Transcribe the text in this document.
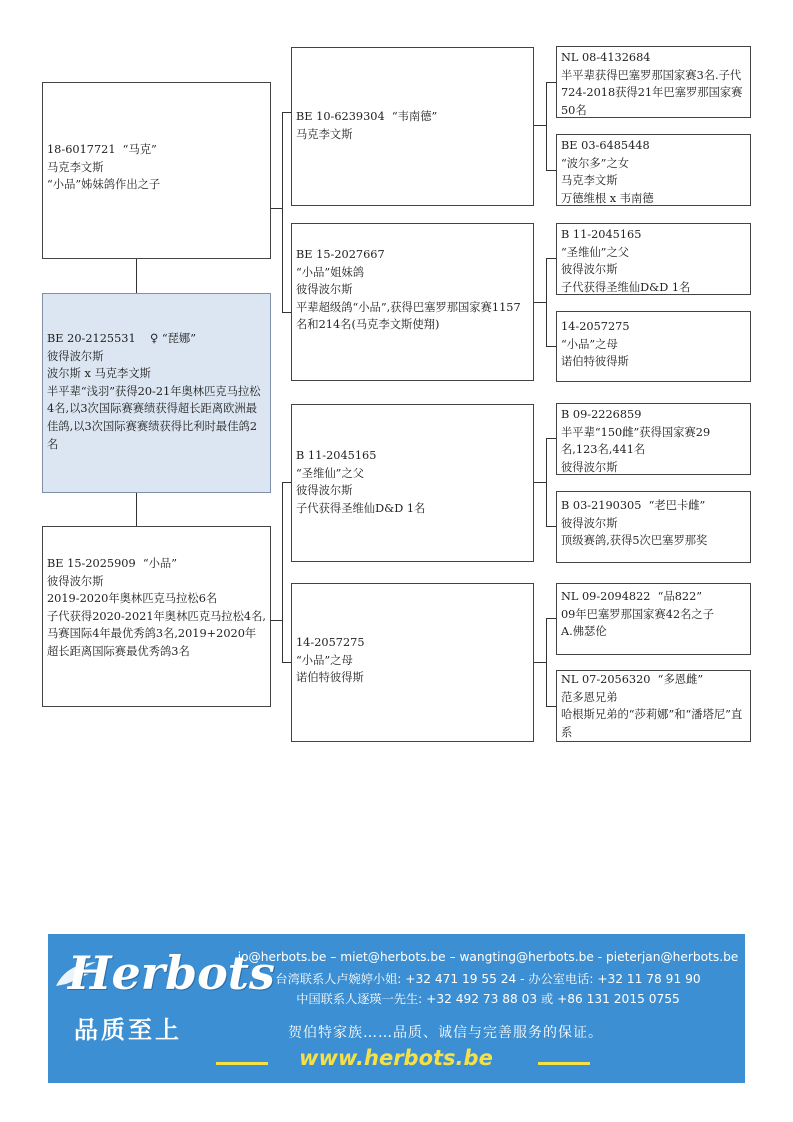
18-6017721  “马克”
马克李文斯
“小品”姊妹鸽作出之子
BE 20-2125531    ♀ “琵娜”
彼得波尔斯
波尔斯 x 马克李文斯
半平辈“浅羽”获得20-21年奥林匹克马拉松4名,以3次国际赛赛绩获得超长距离欧洲最佳鸽,以3次国际赛赛绩获得比利时最佳鸽2名
BE 15-2025909  “小品”
彼得波尔斯
2019-2020年奥林匹克马拉松6名
子代获得2020-2021年奥林匹克马拉松4名,马赛国际4年最优秀鸽3名,2019+2020年超长距离国际赛最优秀鸽3名
BE 10-6239304  “韦南德”
马克李文斯
BE 15-2027667
“小品”姐妹鸽
彼得波尔斯
平辈超级鸽“小品”,获得巴塞罗那国家赛1157名和214名(马克李文斯使翔)
B 11-2045165
“圣维仙”之父
彼得波尔斯
子代获得圣维仙D&D 1名
14-2057275
“小品”之母
诺伯特彼得斯
NL 08-4132684
半平辈获得巴塞罗那国家赛3名.子代724-2018获得21年巴塞罗那国家赛50名
BE 03-6485448
“波尔多”之女
马克李文斯
万德维根 x 韦南德
B 11-2045165
“圣维仙”之父
彼得波尔斯
子代获得圣维仙D&D 1名
14-2057275
“小品”之母
诺伯特彼得斯
B 09-2226859
半平辈“150雌”获得国家赛29名,123名,441名
彼得波尔斯
B 03-2190305  “老巴卡雌”
彼得波尔斯
顶级赛鸽,获得5次巴塞罗那奖
NL 09-2094822  “品822”
09年巴塞罗那国家赛42名之子
A.佛瑟伦
NL 07-2056320  “多恩雌”
范多恩兄弟
哈根斯兄弟的“莎莉娜”和“潘塔尼”直系
Herbots
品质至上
jo@herbots.be – miet@herbots.be – wangting@herbots.be - pieterjan@herbots.be
台湾联系人卢婉婷小姐: +32 471 19 55 24 - 办公室电话: +32 11 78 91 90
中国联系人逐瑛一先生: +32 492 73 88 03 或 +86 131 2015 0755
贺伯特家族……品质、诚信与完善服务的保证。
www.herbots.be
